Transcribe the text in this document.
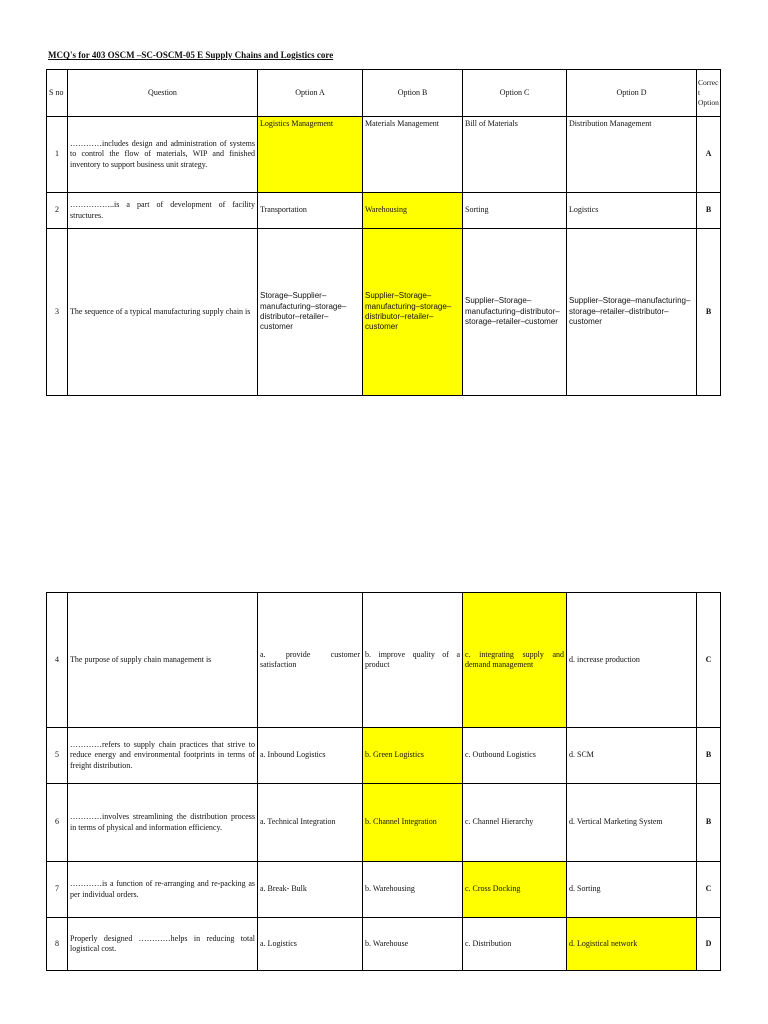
MCQ's for 403 OSCM –SC-OSCM-05 E Supply Chains and Logistics core
S no	Question	Option A	Option B	Option C	Option D	Correct Option
1	…………includes design and administration of systems to control the flow of materials, WIP and finished inventory to support business unit strategy.	Logistics Management	Materials Management	Bill of Materials	Distribution Management	A
2	……………..is a part of development of facility structures.	Transportation	Warehousing	Sorting	Logistics	B
3	The sequence of a typical manufacturing supply chain is	Storage–Supplier–manufacturing–storage–distributor–retailer–customer	Supplier–Storage–manufacturing–storage–distributor–retailer–customer	Supplier–Storage–manufacturing–distributor–storage–retailer–customer	Supplier–Storage–manufacturing–storage–retailer–distributor–customer	B
4	The purpose of supply chain management is	a. provide customer satisfaction	b. improve quality of a product	c. integrating supply and demand management	d. increase production	C
5	…………refers to supply chain practices that strive to reduce energy and environmental footprints in terms of freight distribution.	a. Inbound Logistics	b. Green Logistics	c. Outbound Logistics	d. SCM	B
6	…………involves streamlining the distribution process in terms of physical and information efficiency.	a. Technical Integration	b. Channel Integration	c. Channel Hierarchy	d. Vertical Marketing System	B
7	…………is a function of re-arranging and re-packing as per individual orders.	a. Break- Bulk	b. Warehousing	c. Cross Docking	d. Sorting	C
8	Properly designed …………helps in reducing total logistical cost.	a. Logistics	b. Warehouse	c. Distribution	d. Logistical network	D
